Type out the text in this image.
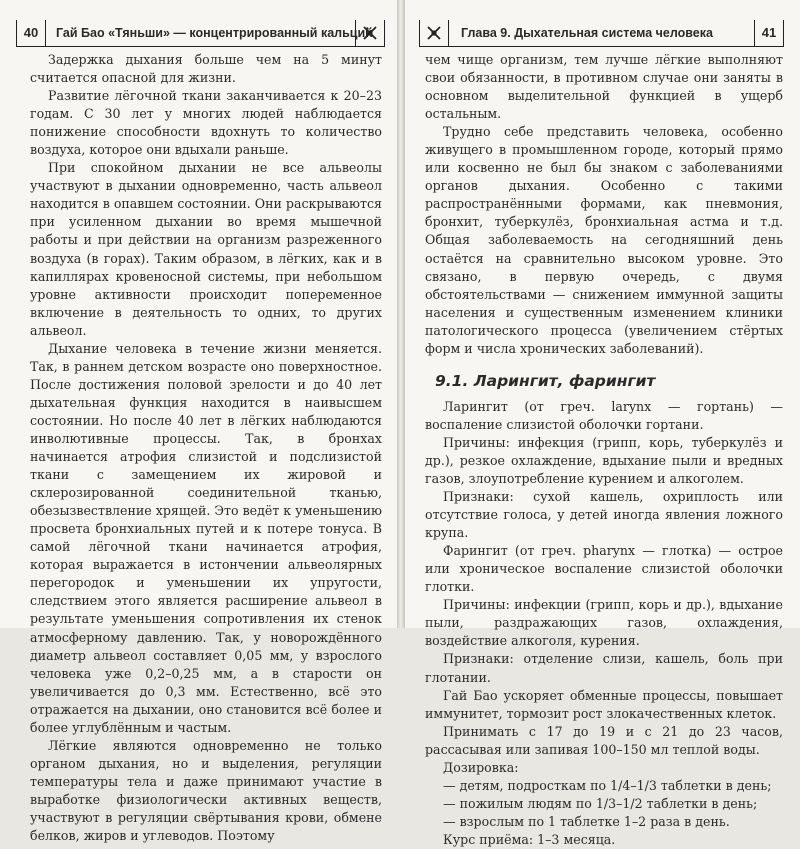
40	Гай Бао «Тяньши» — концентрированный кальций

Задержка дыхания больше чем на 5 минут считается опасной для жизни.

Развитие лёгочной ткани заканчивается к 20–23 годам. С 30 лет у многих людей наблюдается понижение способности вдохнуть то количество воздуха, которое они вдыхали раньше.

При спокойном дыхании не все альвеолы участвуют в дыхании одновременно, часть альвеол находится в опавшем состоянии. Они раскрываются при усиленном дыхании во время мышечной работы и при действии на организм разреженного воздуха (в горах). Таким образом, в лёгких, как и в капиллярах кровеносной системы, при небольшом уровне активности происходит попеременное включение в деятельность то одних, то других альвеол.

Дыхание человека в течение жизни меняется. Так, в раннем детском возрасте оно поверхностное. После достижения половой зрелости и до 40 лет дыхательная функция находится в наивысшем состоянии. Но после 40 лет в лёгких наблюдаются инволютивные процессы. Так, в бронхах начинается атрофия слизистой и подслизистой ткани с замещением их жировой и склерозированной соединительной тканью, обезызвествление хрящей. Это ведёт к уменьшению просвета бронхиальных путей и к потере тонуса. В самой лёгочной ткани начинается атрофия, которая выражается в истончении альвеолярных перегородок и уменьшении их упругости, следствием этого является расширение альвеол в результате уменьшения сопротивления их стенок атмосферному давлению. Так, у новорождённого диаметр альвеол составляет 0,05 мм, у взрослого человека уже 0,2–0,25 мм, а в старости он увеличивается до 0,3 мм. Естественно, всё это отражается на дыхании, оно становится всё более и более углублённым и частым.

Лёгкие являются одновременно не только органом дыхания, но и выделения, регуляции температуры тела и даже принимают участие в выработке физиологически активных веществ, участвуют в регуляции свёртывания крови, обмене белков, жиров и углеводов. Поэтому

Глава 9. Дыхательная система человека	41

чем чище организм, тем лучше лёгкие выполняют свои обязанности, в противном случае они заняты в основном выделительной функцией в ущерб остальным.

Трудно себе представить человека, особенно живущего в промышленном городе, который прямо или косвенно не был бы знаком с заболеваниями органов дыхания. Особенно с такими распространёнными формами, как пневмония, бронхит, туберкулёз, бронхиальная астма и т.д. Общая заболеваемость на сегодняшний день остаётся на сравнительно высоком уровне. Это связано, в первую очередь, с двумя обстоятельствами — снижением иммунной защиты населения и существенным изменением клиники патологического процесса (увеличением стёртых форм и числа хронических заболеваний).

9.1. Ларингит, фарингит

Ларингит (от греч. larynx — гортань) — воспаление слизистой оболочки гортани.

Причины: инфекция (грипп, корь, туберкулёз и др.), резкое охлаждение, вдыхание пыли и вредных газов, злоупотребление курением и алкоголем.

Признаки: сухой кашель, охриплость или отсутствие голоса, у детей иногда явления ложного крупа.

Фарингит (от греч. pharynx — глотка) — острое или хроническое воспаление слизистой оболочки глотки.

Причины: инфекции (грипп, корь и др.), вдыхание пыли, раздражающих газов, охлаждения, воздействие алкоголя, курения.

Признаки: отделение слизи, кашель, боль при глотании.

Гай Бао ускоряет обменные процессы, повышает иммунитет, тормозит рост злокачественных клеток.

Принимать с 17 до 19 и с 21 до 23 часов, рассасывая или запивая 100–150 мл теплой воды.

Дозировка:

— детям, подросткам по 1/4–1/3 таблетки в день;

— пожилым людям по 1/3–1/2 таблетки в день;

— взрослым по 1 таблетке 1–2 раза в день.

Курс приёма: 1–3 месяца.
